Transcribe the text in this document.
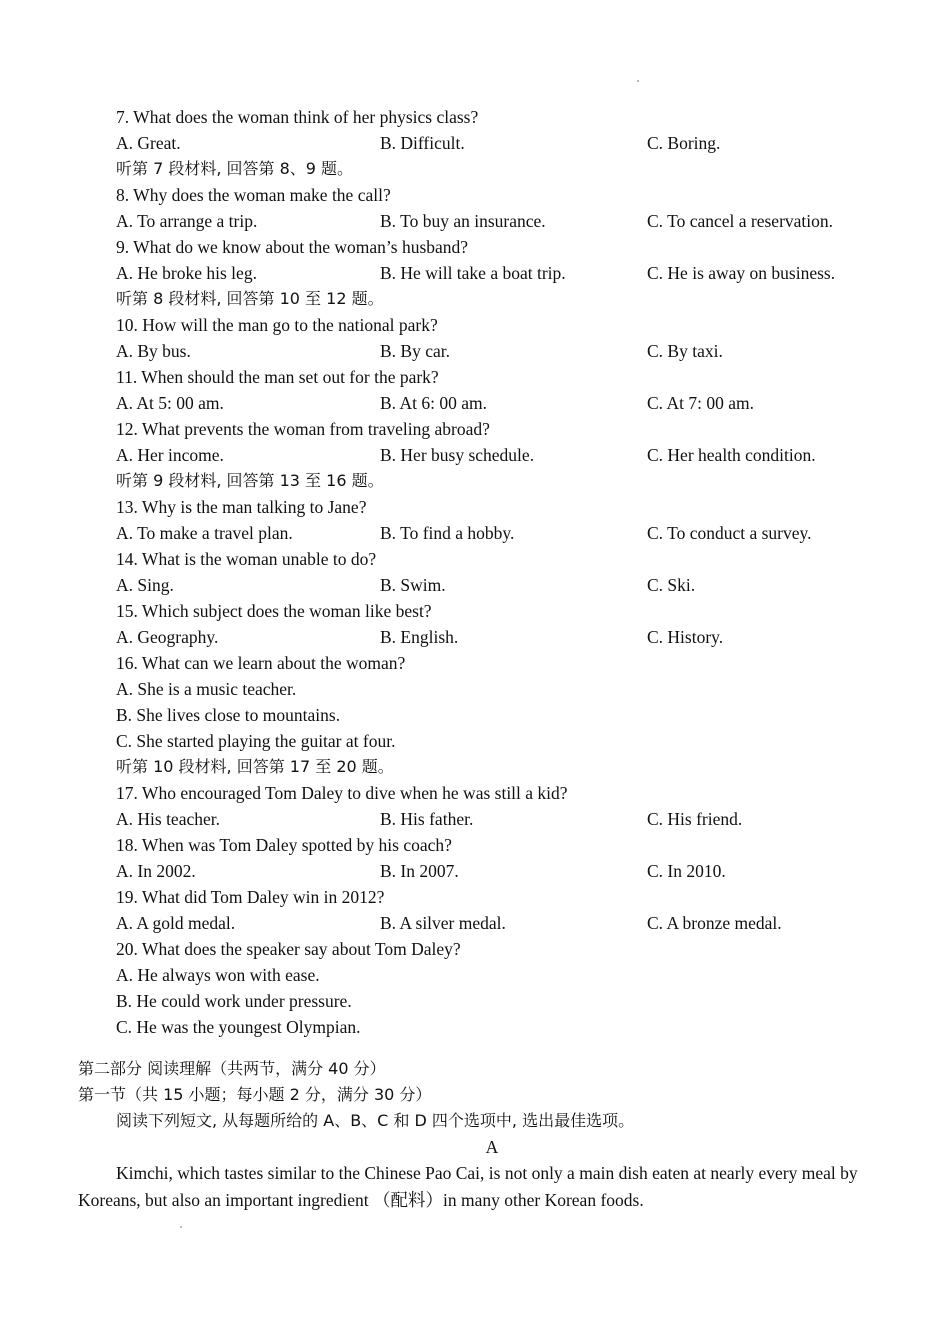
7. What does the woman think of her physics class?
A. Great.	B. Difficult.	C. Boring.
听第 7 段材料, 回答第 8、9 题。
8. Why does the woman make the call?
A. To arrange a trip.	B. To buy an insurance.	C. To cancel a reservation.
9. What do we know about the woman’s husband?
A. He broke his leg.	B. He will take a boat trip.	C. He is away on business.
听第 8 段材料, 回答第 10 至 12 题。
10. How will the man go to the national park?
A. By bus.	B. By car.	C. By taxi.
11. When should the man set out for the park?
A. At 5: 00 am.	B. At 6: 00 am.	C. At 7: 00 am.
12. What prevents the woman from traveling abroad?
A. Her income.	B. Her busy schedule.	C. Her health condition.
听第 9 段材料, 回答第 13 至 16 题。
13. Why is the man talking to Jane?
A. To make a travel plan.	B. To find a hobby.	C. To conduct a survey.
14. What is the woman unable to do?
A. Sing.	B. Swim.	C. Ski.
15. Which subject does the woman like best?
A. Geography.	B. English.	C. History.
16. What can we learn about the woman?
A. She is a music teacher.
B. She lives close to mountains.
C. She started playing the guitar at four.
听第 10 段材料, 回答第 17 至 20 题。
17. Who encouraged Tom Daley to dive when he was still a kid?
A. His teacher.	B. His father.	C. His friend.
18. When was Tom Daley spotted by his coach?
A. In 2002.	B. In 2007.	C. In 2010.
19. What did Tom Daley win in 2012?
A. A gold medal.	B. A silver medal.	C. A bronze medal.
20. What does the speaker say about Tom Daley?
A. He always won with ease.
B. He could work under pressure.
C. He was the youngest Olympian.
第二部分 阅读理解（共两节，满分 40 分）
第一节（共 15 小题；每小题 2 分，满分 30 分）
阅读下列短文, 从每题所给的 A、B、C 和 D 四个选项中, 选出最佳选项。
A
Kimchi, which tastes similar to the Chinese Pao Cai, is not only a main dish eaten at nearly every meal by Koreans, but also an important ingredient （配料）in many other Korean foods.
